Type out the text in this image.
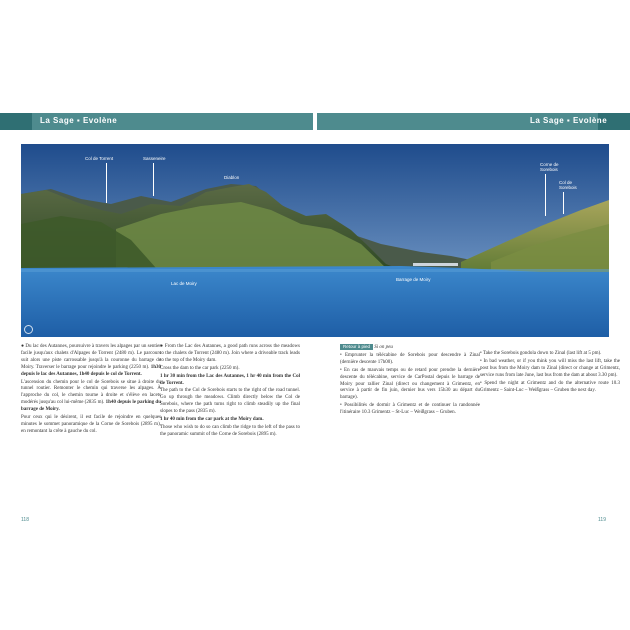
La Sage ▪ Evolène	La Sage ▪ Evolène
Col de Torrent	Sasseneire
Diablon
Corne de Sorebois
Col de Sorebois
Lac de Moiry
Barrage de Moiry

● Du lac des Autannes, poursuivre à travers les alpages par un sentier facile jusqu'aux chalets d'Alpages de Torrent (2480 m). Le parcours suit alors une piste carrossable jusqu'à la couronne du barrage de Moiry. Traverser le barrage pour rejoindre le parking (2250 m). 1h30 depuis le lac des Autannes, 1h40 depuis le col de Torrent.

L'ascension du chemin pour le col de Sorebois se situe à droite du tunnel routier. Remonter le chemin qui traverse les alpages. À l'approche du col, le chemin tourne à droite et s'élève en lacets modérés jusqu'au col lui-même (2835 m). 1h40 depuis le parking du barrage de Moiry.

Pour ceux qui le désirent, il est facile de rejoindre en quelques minutes le sommet panoramique de la Corne de Sorebois (2895 m), en remontant la crête à gauche du col.

● From the Lac des Autannes, a good path runs across the meadows to the chalets de Torrent (2480 m). Join where a driveable track leads to the top of the Moiry dam.

Cross the dam to the car park (2250 m).

1 hr 30 min from the Lac des Autannes, 1 hr 40 min from the Col de Torrent.

The path to the Col de Sorebois starts to the right of the road tunnel. Go up through the meadows. Climb directly below the Col de Sorebois, where the path turns right to climb steadily up the final slopes to the pass (2835 m).

1 hr 40 min from the car park at the Moiry dam.

Those who wish to do so can climb the ridge to the left of the pass to the panoramic summit of the Corne de Sorebois (2895 m).

Retour à pied Si on peu

• Emprunter la télécabine de Sorebois pour descendre à Zinal (dernière descente 17h00).

• En cas de mauvais temps ou de retard pour prendre la dernière descente du télécabine, service de CarPostal depuis le barrage de Moiry pour rallier Zinal (direct ou changement à Grimentz, en service à partir de fin juin, dernier bus vers 15h30 au départ du barrage).

• Possibilités de dormir à Grimentz et de continuer la randonnée l'itinéraire 10.3 Grimentz – St-Luc – Weißgrass – Gruben.

• Take the Sorebois gondola down to Zinal (last lift at 5 pm).

• In bad weather, or if you think you will miss the last lift, take the post bus from the Moiry dam to Zinal (direct or change at Grimentz, service runs from late June, last bus from the dam at about 3.30 pm).

• Spend the night at Grimentz and do the alternative route 10.3 Grimentz – Saint-Luc – Weißgrass – Gruben the next day.

118	119
